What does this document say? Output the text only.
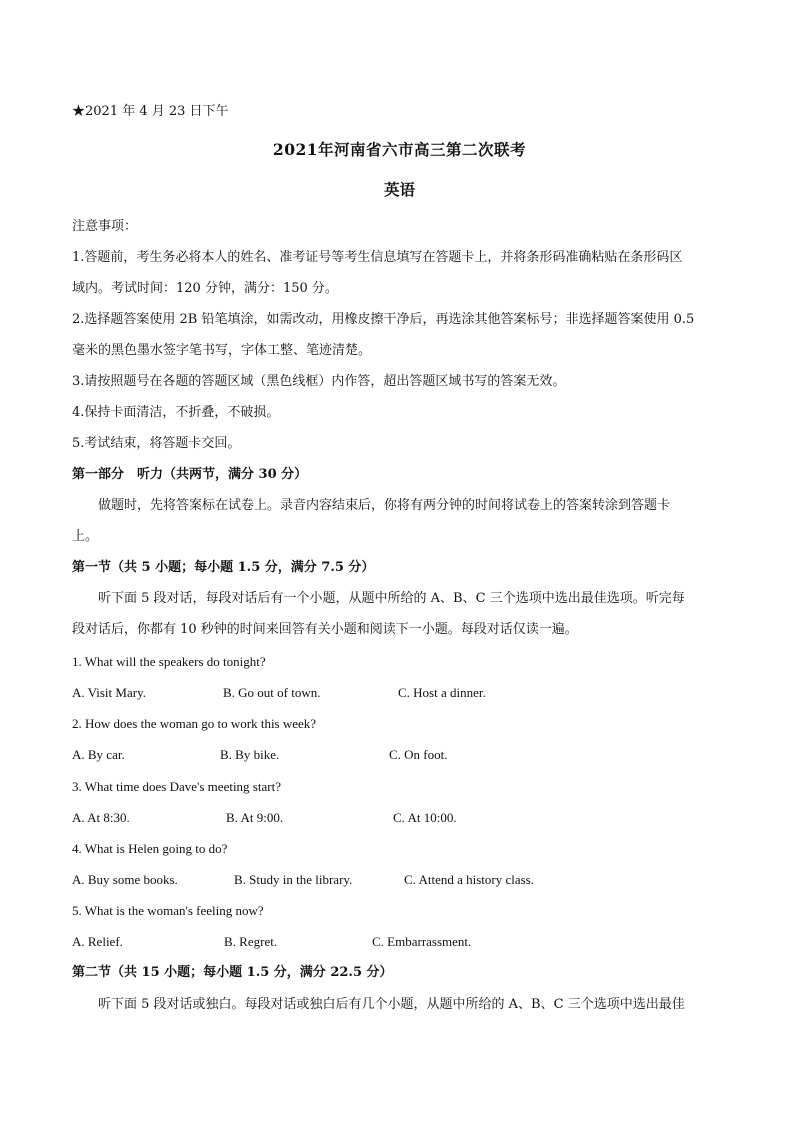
★2021 年 4 月 23 日下午
2021年河南省六市高三第二次联考
英语
注意事项：
1.答题前，考生务必将本人的姓名、准考证号等考生信息填写在答题卡上，并将条形码准确粘贴在条形码区
域内。考试时间：120 分钟，满分：150 分。
2.选择题答案使用 2B 铅笔填涂，如需改动，用橡皮擦干净后，再选涂其他答案标号；非选择题答案使用 0.5
毫米的黑色墨水签字笔书写，字体工整、笔迹清楚。
3.请按照题号在各题的答题区域（黑色线框）内作答，超出答题区域书写的答案无效。
4.保持卡面清洁，不折叠，不破损。
5.考试结束，将答题卡交回。
第一部分　听力（共两节，满分 30 分）
做题时，先将答案标在试卷上。录音内容结束后，你将有两分钟的时间将试卷上的答案转涂到答题卡
上。
第一节（共 5 小题；每小题 1.5 分，满分 7.5 分）
听下面 5 段对话，每段对话后有一个小题，从题中所给的 A、B、C 三个选项中选出最佳选项。听完每
段对话后，你都有 10 秒钟的时间来回答有关小题和阅读下一小题。每段对话仅读一遍。
1. What will the speakers do tonight?
A. Visit Mary.	B. Go out of town.	C. Host a dinner.
2. How does the woman go to work this week?
A. By car.	B. By bike.	C. On foot.
3. What time does Dave's meeting start?
A. At 8:30.	B. At 9:00.	C. At 10:00.
4. What is Helen going to do?
A. Buy some books.	B. Study in the library.	C. Attend a history class.
5. What is the woman's feeling now?
A. Relief.	B. Regret.	C. Embarrassment.
第二节（共 15 小题；每小题 1.5 分，满分 22.5 分）
听下面 5 段对话或独白。每段对话或独白后有几个小题，从题中所给的 A、B、C 三个选项中选出最佳
